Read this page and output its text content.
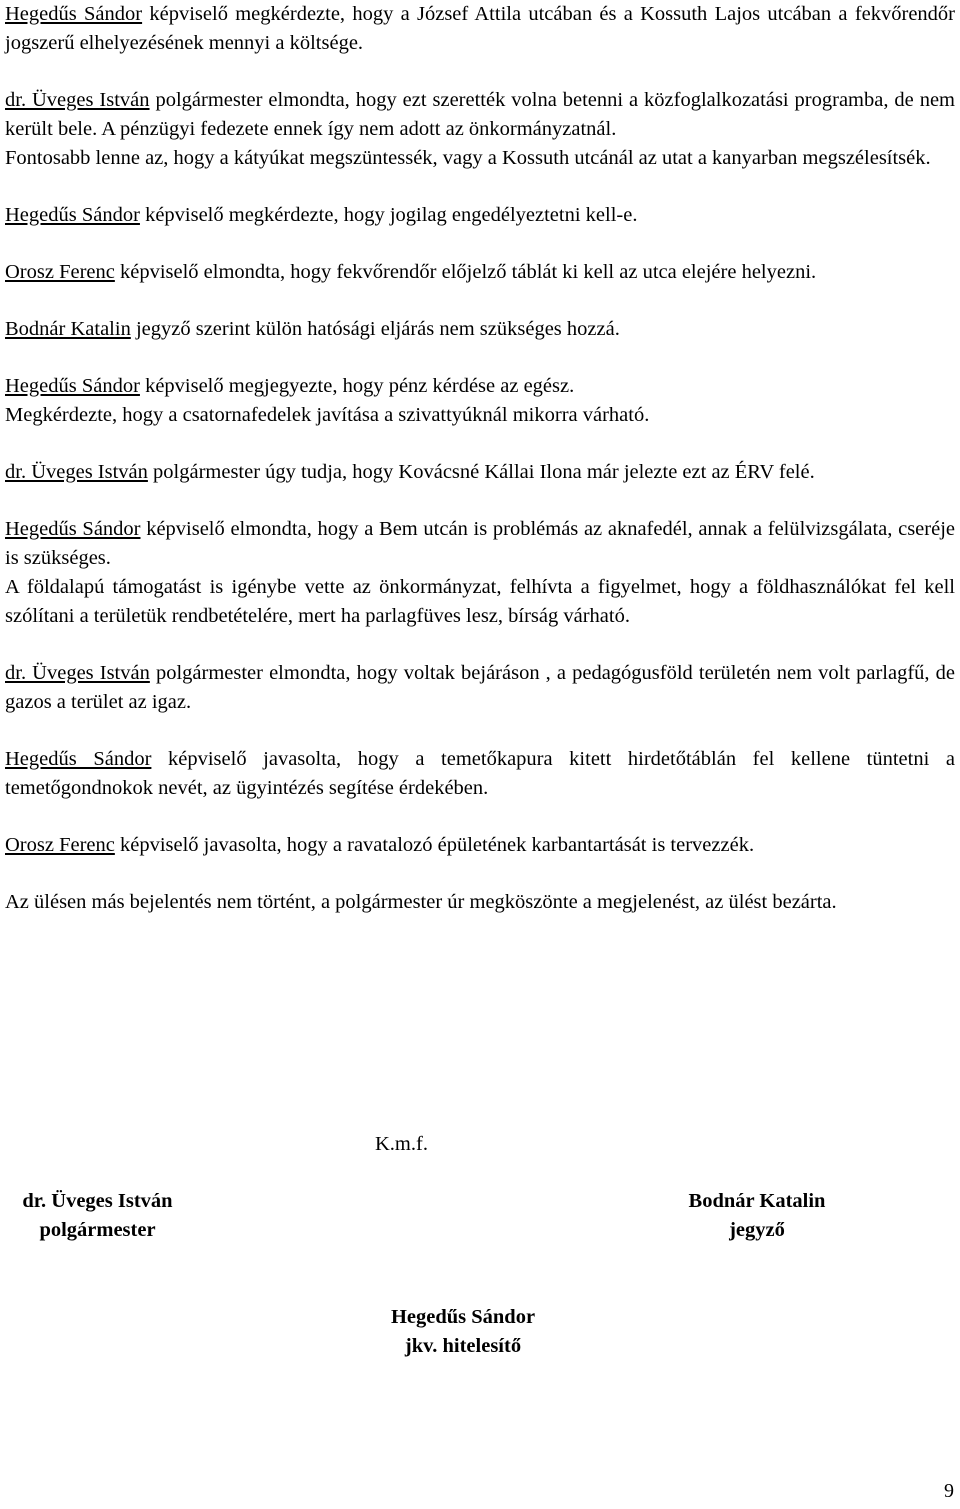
Hegedűs Sándor képviselő megkérdezte, hogy a József Attila utcában és a Kossuth Lajos utcában a fekvőrendőr jogszerű elhelyezésének mennyi a költsége.

dr. Üveges István polgármester elmondta, hogy ezt szerették volna betenni a közfoglalkozatási programba, de nem került bele. A pénzügyi fedezete ennek így nem adott az önkormányzatnál.

Fontosabb lenne az, hogy a kátyúkat megszüntessék, vagy a Kossuth utcánál az utat a kanyarban megszélesítsék.

Hegedűs Sándor képviselő megkérdezte, hogy jogilag engedélyeztetni kell-e.

Orosz Ferenc képviselő elmondta, hogy fekvőrendőr előjelző táblát ki kell az utca elejére helyezni.

Bodnár Katalin jegyző szerint külön hatósági eljárás nem szükséges hozzá.

Hegedűs Sándor képviselő megjegyezte, hogy pénz kérdése az egész.

Megkérdezte, hogy a csatornafedelek javítása a szivattyúknál mikorra várható.

dr. Üveges István polgármester úgy tudja, hogy Kovácsné Kállai Ilona már jelezte ezt az ÉRV felé.

Hegedűs Sándor képviselő elmondta, hogy a Bem utcán is problémás az aknafedél, annak a felülvizsgálata, cseréje is szükséges.

A földalapú támogatást is igénybe vette az önkormányzat, felhívta a figyelmet, hogy a földhasználókat fel kell szólítani a területük rendbetételére, mert ha parlagfüves lesz, bírság várható.

dr. Üveges István polgármester elmondta, hogy voltak bejáráson , a pedagógusföld területén nem volt parlagfű, de gazos a terület az igaz.

Hegedűs Sándor képviselő javasolta, hogy a temetőkapura kitett hirdetőtáblán fel kellene tüntetni a temetőgondnokok nevét, az ügyintézés segítése érdekében.

Orosz Ferenc képviselő javasolta, hogy a ravatalozó épületének karbantartását is tervezzék.

Az ülésen más bejelentés nem történt, a polgármester úr megköszönte a megjelenést, az ülést bezárta.

K.m.f.
dr. Üveges István
polgármester
Bodnár Katalin
jegyző
Hegedűs Sándor
jkv. hitelesítő
9
